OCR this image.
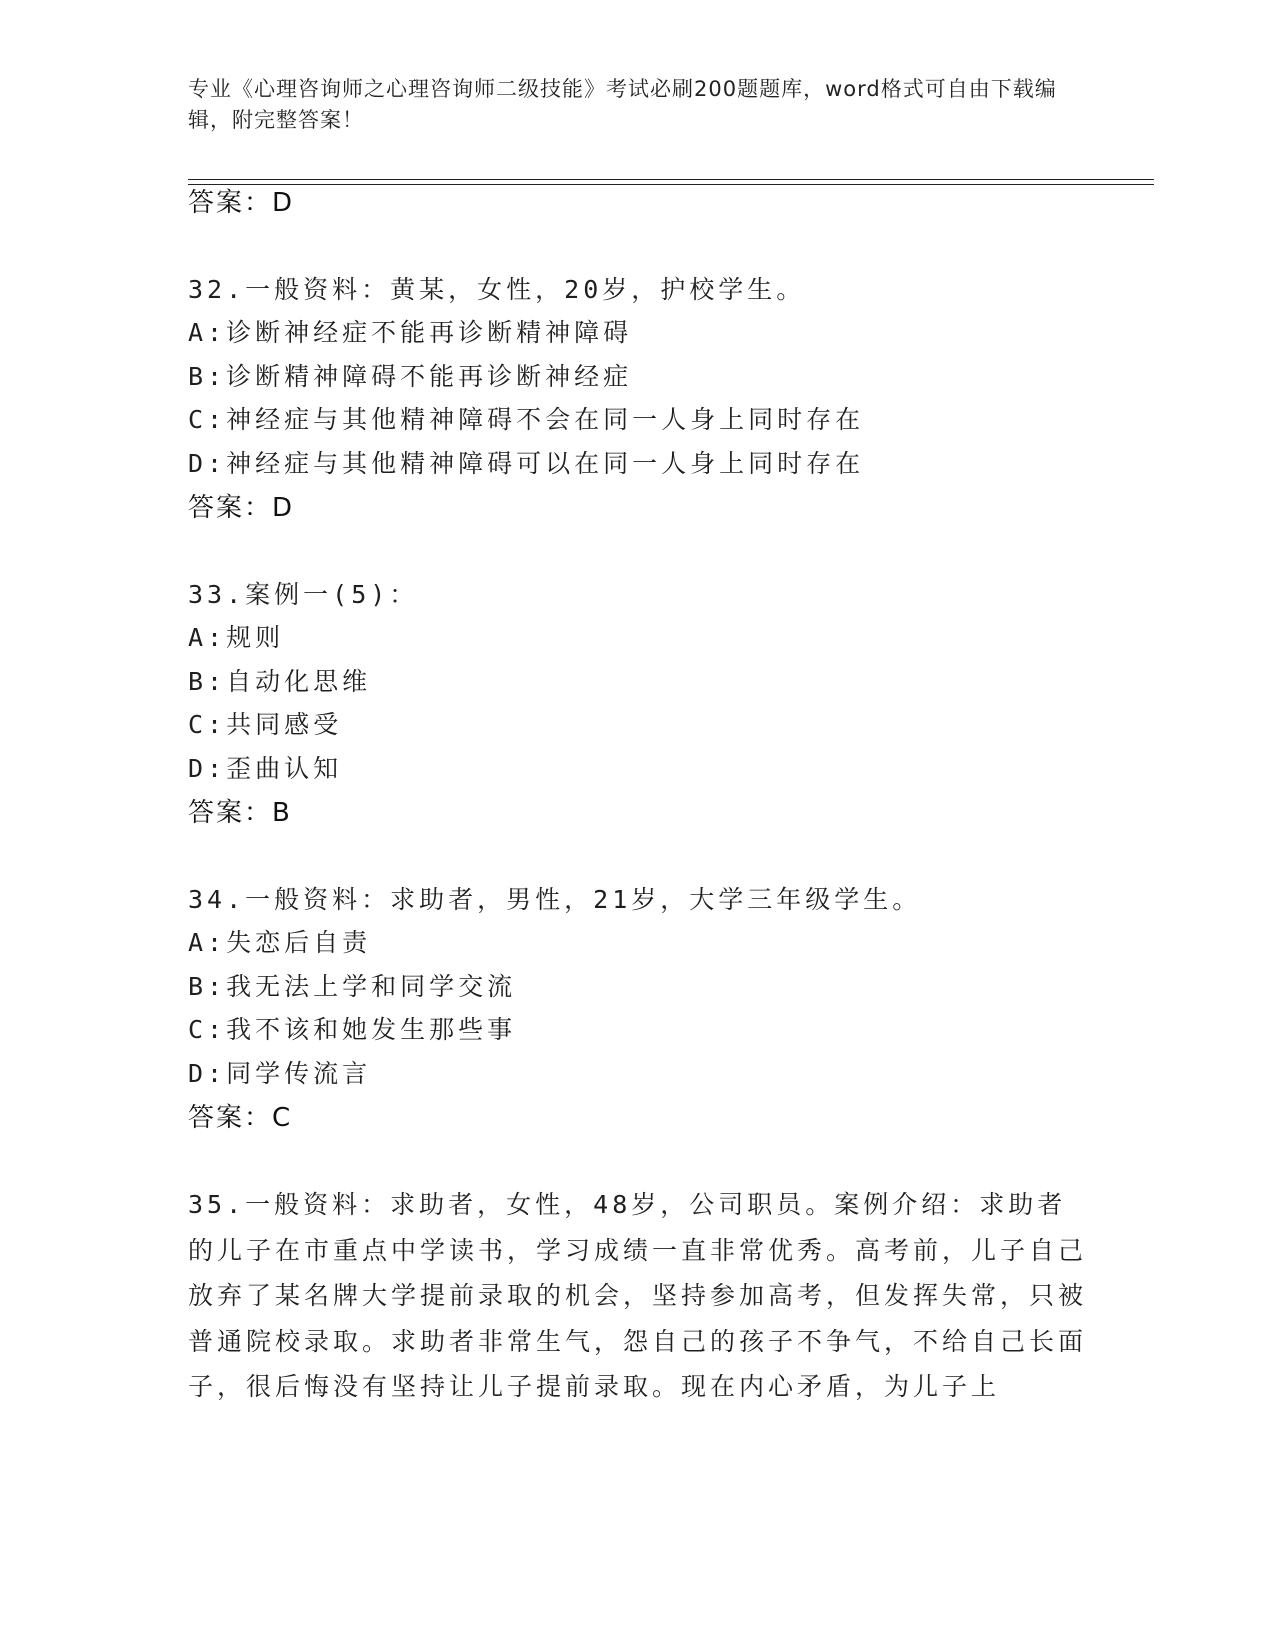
专业《心理咨询师之心理咨询师二级技能》考试必刷200题题库，word格式可自由下载编辑，附完整答案！
答案：D
32.一般资料：黄某，女性，20岁，护校学生。
A:诊断神经症不能再诊断精神障碍
B:诊断精神障碍不能再诊断神经症
C:神经症与其他精神障碍不会在同一人身上同时存在
D:神经症与其他精神障碍可以在同一人身上同时存在
答案：D
33.案例一(5)：
A:规则
B:自动化思维
C:共同感受
D:歪曲认知
答案：B
34.一般资料：求助者，男性，21岁，大学三年级学生。
A:失恋后自责
B:我无法上学和同学交流
C:我不该和她发生那些事
D:同学传流言
答案：C
35.一般资料：求助者，女性，48岁，公司职员。案例介绍：求助者的儿子在市重点中学读书，学习成绩一直非常优秀。高考前，儿子自己放弃了某名牌大学提前录取的机会，坚持参加高考，但发挥失常，只被普通院校录取。求助者非常生气，怨自己的孩子不争气，不给自己长面子，很后悔没有坚持让儿子提前录取。现在内心矛盾，为儿子上
